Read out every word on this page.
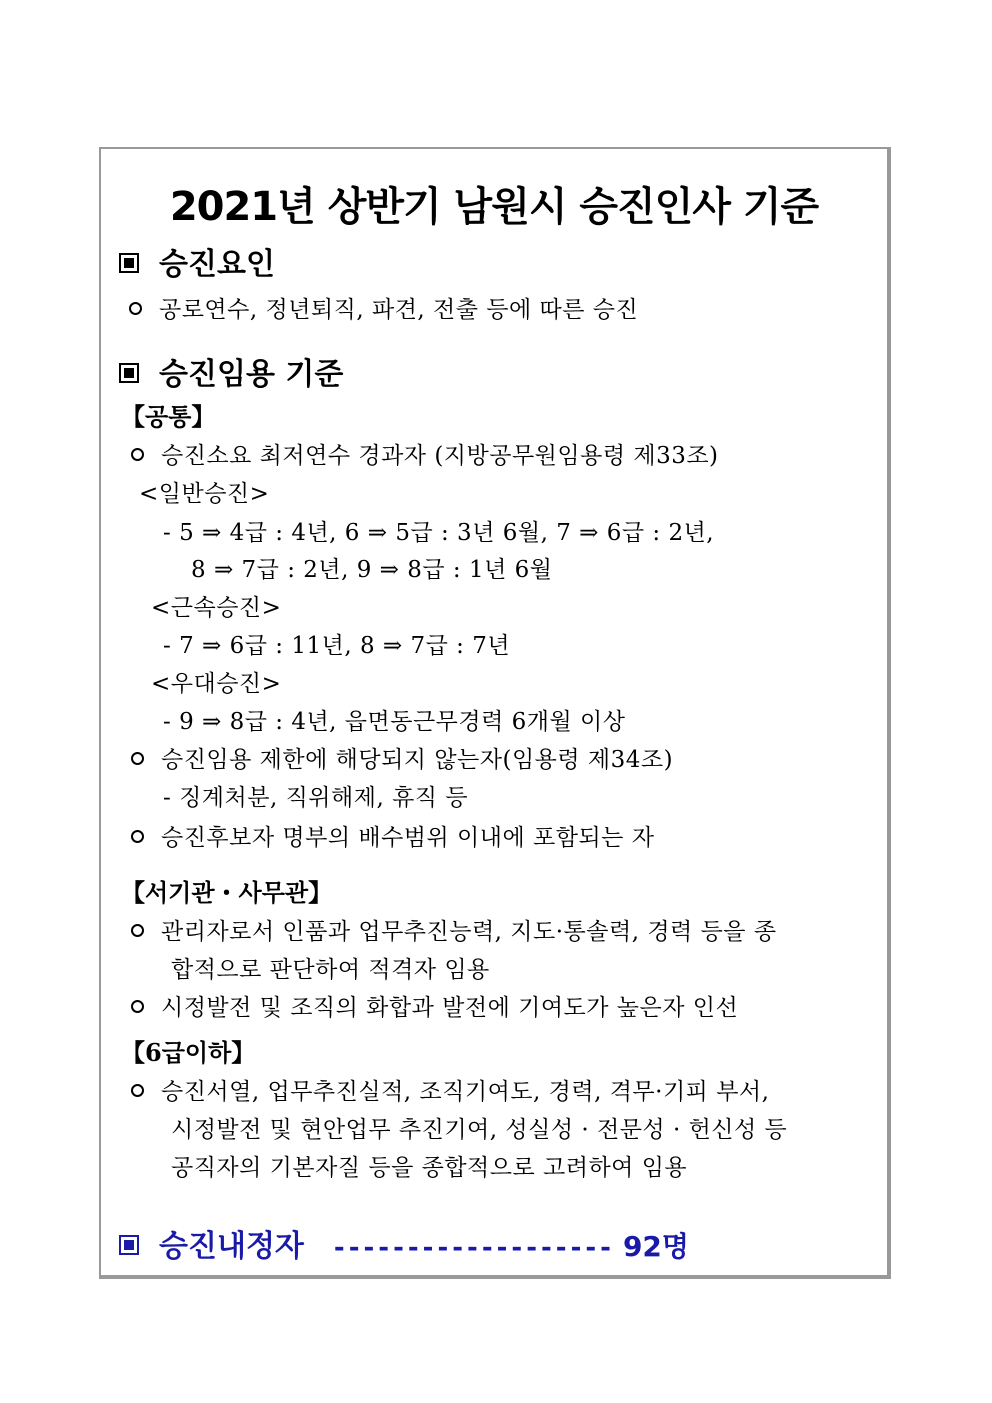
2021년 상반기 남원시 승진인사 기준
승진요인
공로연수, 정년퇴직, 파견, 전출 등에 따른 승진
승진임용 기준
【공통】
승진소요 최저연수 경과자 (지방공무원임용령 제33조)
<일반승진>
- 5 ⇒ 4급 : 4년, 6 ⇒ 5급 : 3년 6월, 7 ⇒ 6급 : 2년,
8 ⇒ 7급 : 2년, 9 ⇒ 8급 : 1년 6월
<근속승진>
- 7 ⇒ 6급 : 11년, 8 ⇒ 7급 : 7년
<우대승진>
- 9 ⇒ 8급 : 4년, 읍면동근무경력 6개월 이상
승진임용 제한에 해당되지 않는자(임용령 제34조)
- 징계처분, 직위해제, 휴직 등
승진후보자 명부의 배수범위 이내에 포함되는 자
【서기관・사무관】
관리자로서 인품과 업무추진능력, 지도·통솔력, 경력 등을 종
합적으로 판단하여 적격자 임용
시정발전 및 조직의 화합과 발전에 기여도가 높은자 인선
【6급이하】
승진서열, 업무추진실적, 조직기여도, 경력, 격무·기피 부서,
시정발전 및 현안업무 추진기여, 성실성 · 전문성 · 헌신성 등
공직자의 기본자질 등을 종합적으로 고려하여 임용
승진내정자 ------------------- 92명
